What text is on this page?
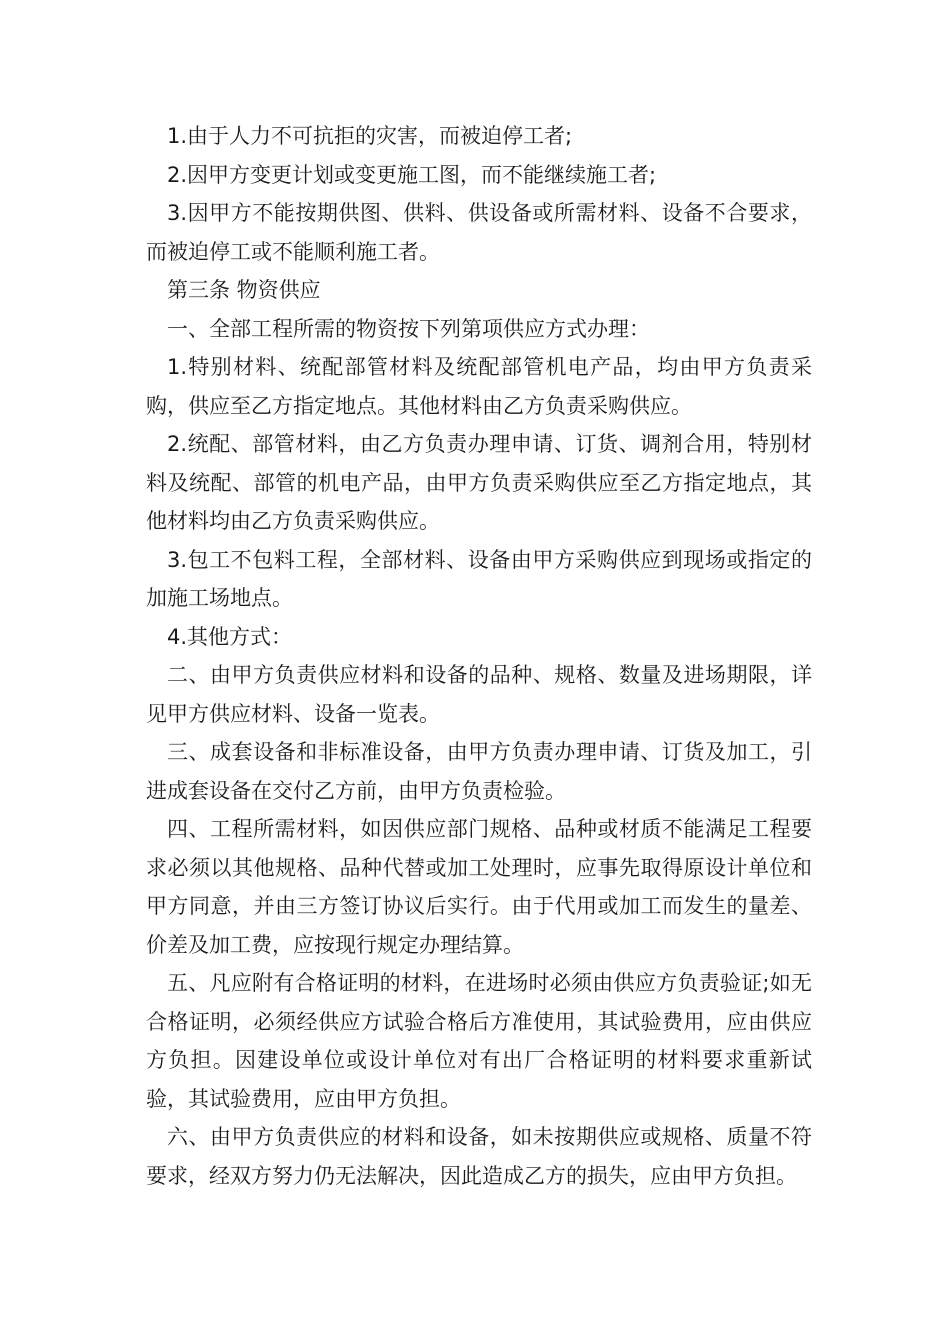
1.由于人力不可抗拒的灾害，而被迫停工者;

2.因甲方变更计划或变更施工图，而不能继续施工者;

3.因甲方不能按期供图、供料、供设备或所需材料、设备不合要求，而被迫停工或不能顺利施工者。

第三条 物资供应

一、全部工程所需的物资按下列第项供应方式办理：

1.特别材料、统配部管材料及统配部管机电产品，均由甲方负责采购，供应至乙方指定地点。其他材料由乙方负责采购供应。

2.统配、部管材料，由乙方负责办理申请、订货、调剂合用，特别材料及统配、部管的机电产品，由甲方负责采购供应至乙方指定地点，其他材料均由乙方负责采购供应。

3.包工不包料工程，全部材料、设备由甲方采购供应到现场或指定的加施工场地点。

4.其他方式：

二、由甲方负责供应材料和设备的品种、规格、数量及进场期限，详见甲方供应材料、设备一览表。

三、成套设备和非标准设备，由甲方负责办理申请、订货及加工，引进成套设备在交付乙方前，由甲方负责检验。

四、工程所需材料，如因供应部门规格、品种或材质不能满足工程要求必须以其他规格、品种代替或加工处理时，应事先取得原设计单位和甲方同意，并由三方签订协议后实行。由于代用或加工而发生的量差、价差及加工费，应按现行规定办理结算。

五、凡应附有合格证明的材料，在进场时必须由供应方负责验证;如无合格证明，必须经供应方试验合格后方准使用，其试验费用，应由供应方负担。因建设单位或设计单位对有出厂合格证明的材料要求重新试验，其试验费用，应由甲方负担。

六、由甲方负责供应的材料和设备，如未按期供应或规格、质量不符要求，经双方努力仍无法解决，因此造成乙方的损失，应由甲方负担。
